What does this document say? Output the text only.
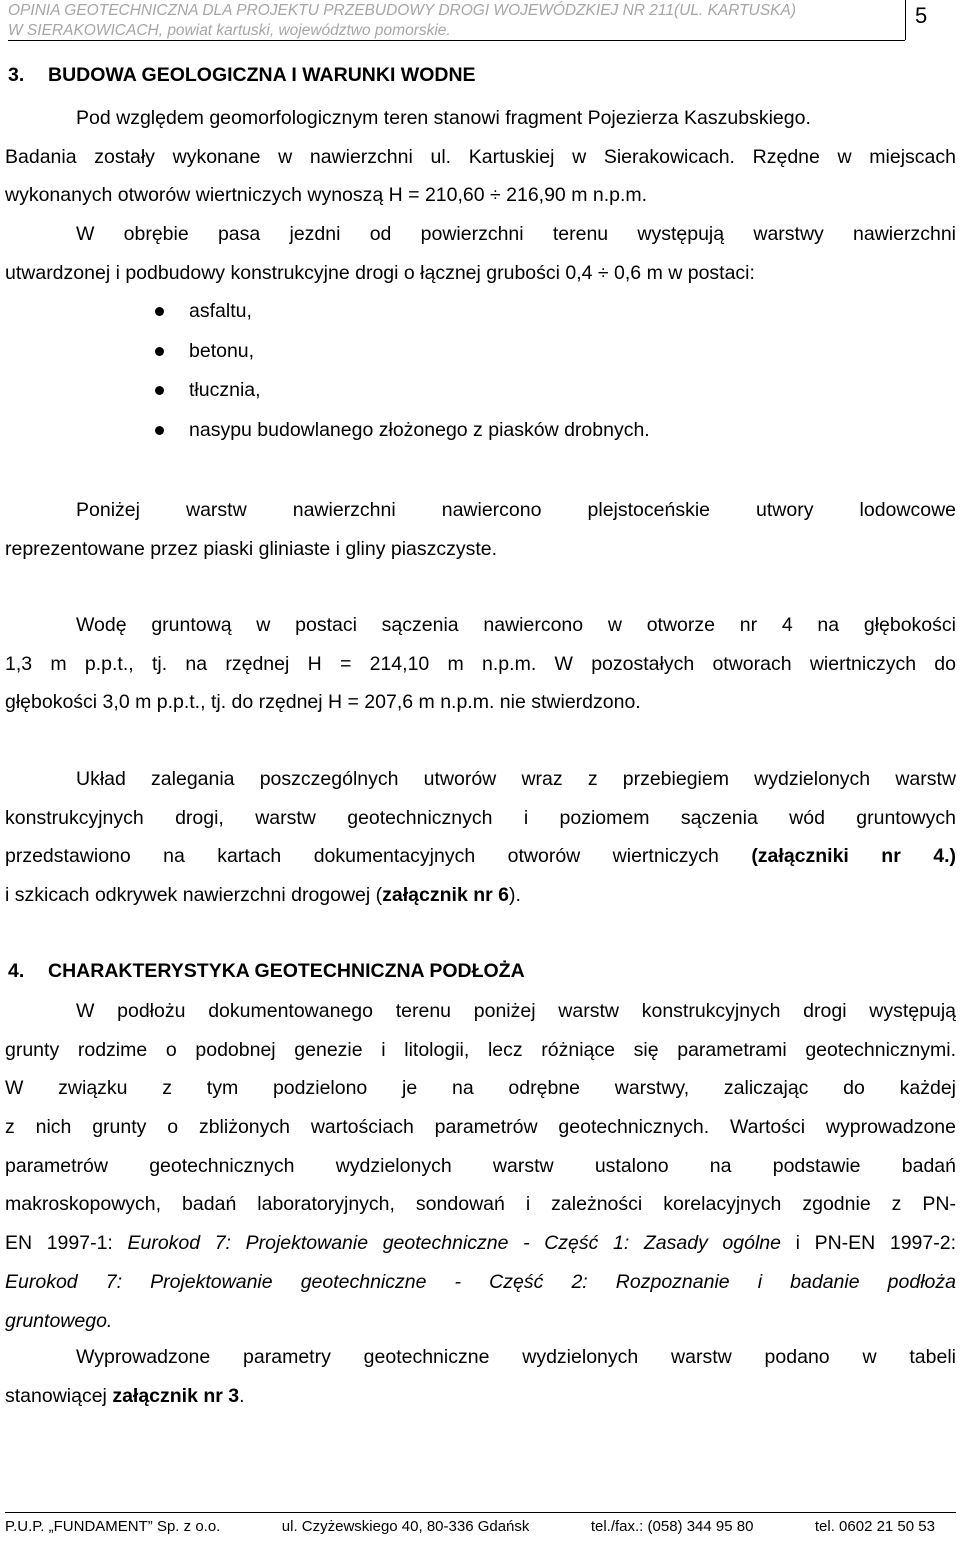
OPINIA GEOTECHNICZNA DLA PROJEKTU PRZEBUDOWY DROGI WOJEWÓDZKIEJ NR 211(UL. KARTUSKA)
W SIERAKOWICACH, powiat kartuski, województwo pomorskie.
5
3. BUDOWA GEOLOGICZNA I WARUNKI WODNE
Pod względem geomorfologicznym teren stanowi fragment Pojezierza Kaszubskiego.
Badania zostały wykonane w nawierzchni ul. Kartuskiej w Sierakowicach. Rzędne w miejscach
wykonanych otworów wiertniczych wynoszą H = 210,60 ÷ 216,90 m n.p.m.
W obrębie pasa jezdni od powierzchni terenu występują warstwy nawierzchni
utwardzonej i podbudowy konstrukcyjne drogi o łącznej grubości 0,4 ÷ 0,6 m w postaci:
asfaltu,
betonu,
tłucznia,
nasypu budowlanego złożonego z piasków drobnych.
Poniżej warstw nawierzchni nawiercono plejstoceńskie utwory lodowcowe
reprezentowane przez piaski gliniaste i gliny piaszczyste.
Wodę gruntową w postaci sączenia nawiercono w otworze nr 4 na głębokości
1,3 m p.p.t., tj. na rzędnej H = 214,10 m n.p.m. W pozostałych otworach wiertniczych do
głębokości 3,0 m p.p.t., tj. do rzędnej H = 207,6 m n.p.m. nie stwierdzono.
Układ zalegania poszczególnych utworów wraz z przebiegiem wydzielonych warstw
konstrukcyjnych drogi, warstw geotechnicznych i poziomem sączenia wód gruntowych
przedstawiono na kartach dokumentacyjnych otworów wiertniczych (załączniki nr 4.)
i szkicach odkrywek nawierzchni drogowej (załącznik nr 6).
4. CHARAKTERYSTYKA GEOTECHNICZNA PODŁOŻA
W podłożu dokumentowanego terenu poniżej warstw konstrukcyjnych drogi występują
grunty rodzime o podobnej genezie i litologii, lecz różniące się parametrami geotechnicznymi.
W związku z tym podzielono je na odrębne warstwy, zaliczając do każdej
z nich grunty o zbliżonych wartościach parametrów geotechnicznych. Wartości wyprowadzone
parametrów geotechnicznych wydzielonych warstw ustalono na podstawie badań
makroskopowych, badań laboratoryjnych, sondowań i zależności korelacyjnych zgodnie z PN-
EN 1997-1: Eurokod 7: Projektowanie geotechniczne - Część 1: Zasady ogólne i PN-EN 1997-2:
Eurokod 7: Projektowanie geotechniczne - Część 2: Rozpoznanie i badanie podłoża
gruntowego.
Wyprowadzone parametry geotechniczne wydzielonych warstw podano w tabeli
stanowiącej załącznik nr 3.
P.U.P. „FUNDAMENT” Sp. z o.o.	ul. Czyżewskiego 40, 80-336 Gdańsk	tel./fax.: (058) 344 95 80	tel. 0602 21 50 53
